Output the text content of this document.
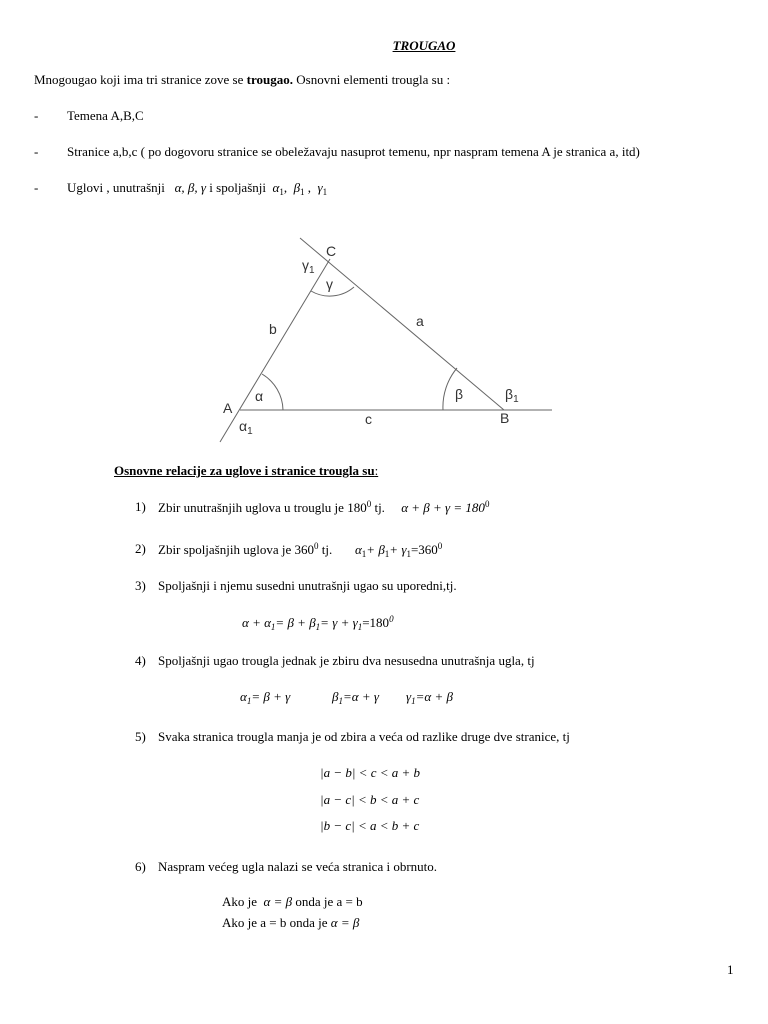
TROUGAO
Mnogougao koji ima tri stranice zove se trougao. Osnovni elementi trougla su :
- Temena A,B,C
- Stranice a,b,c ( po dogovoru stranice se obeležavaju nasuprot temenu, npr naspram temena A je stranica a, itd)
- Uglovi , unutrašnji α, β, γ i spoljašnji $\alpha_1$,  $\beta_1$ ,  $\gamma_1$
C
A
B
a
b
c
α	β
γ
$\alpha_1$
$\beta_1$
$\gamma_1$
Osnovne relacije za uglove i stranice trougla su:
1) Zbir unutrašnjih uglova u trouglu je $180^0$ tj. $\alpha + \beta + \gamma = 180^0$
2) Zbir spoljašnjih uglova je $360^0$ tj. $\alpha_1+ \beta_1+ \gamma_1=360^0$
3) Spoljašnji i njemu susedni unutrašnji ugao su uporedni,tj.
$\alpha + \alpha_1= \beta + \beta_1= \gamma + \gamma_1=180^0$
4) Spoljašnji ugao trougla jednak je zbiru dva nesusedna unutrašnja ugla, tj
$\alpha_1= \beta + \gamma$	$\beta_1=\alpha + \gamma$ $\gamma_1=\alpha + \beta$
5) Svaka stranica trougla manja je od zbira a veća od razlike druge dve stranice, tj
|a − b| < c < a + b
|a − c| < b < a + c
|b − c| < a < b + c
6) Naspram većeg ugla nalazi se veća stranica i obrnuto.
Ako je α = β onda je a = b
Ako je a = b onda je α = β
1
